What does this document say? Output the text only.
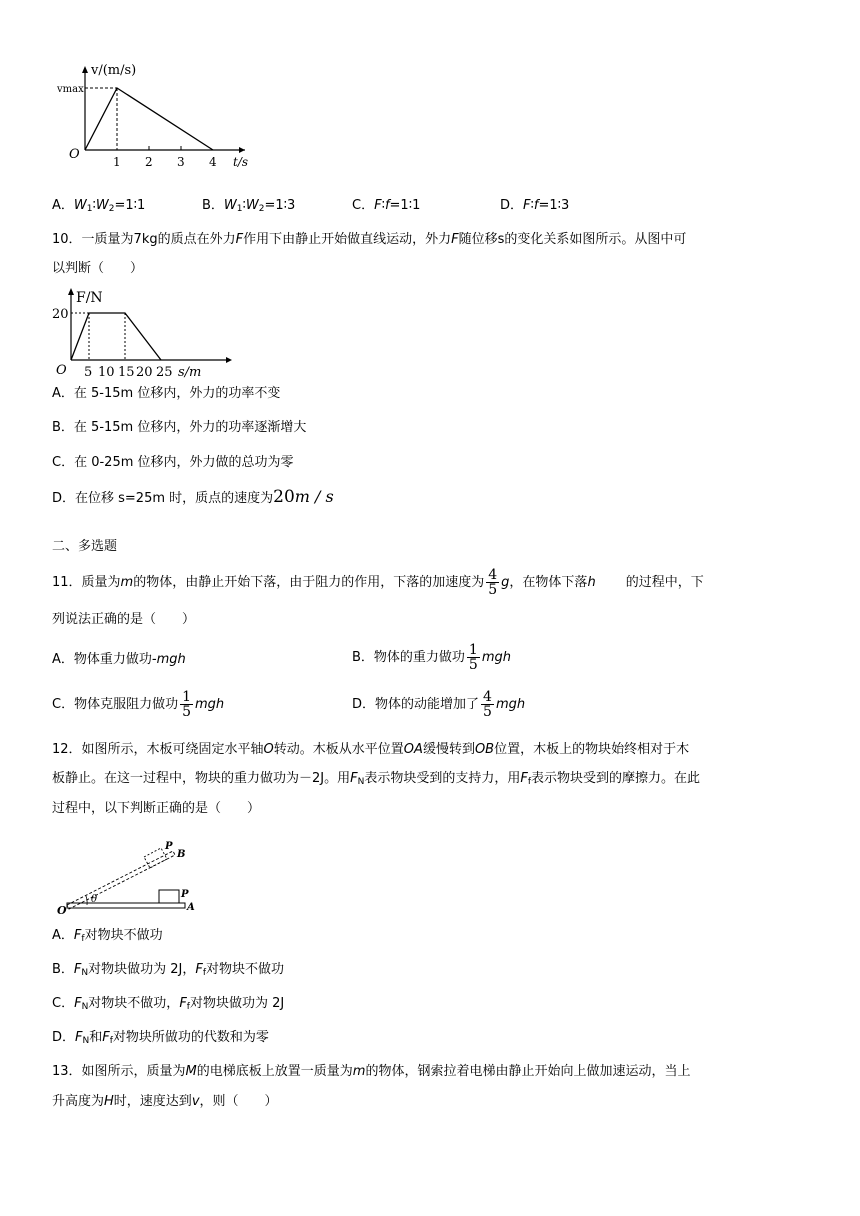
v/(m/s)
vmax
O	1 2 3 4 t/s
A．$W_1∶W_2=1∶1$	B．$W_1∶W_2=1∶3$	C．F∶f=1∶1	D．F∶f=1∶3
10．一质量为7kg的质点在外力F作用下由静止开始做直线运动，外力F随位移s的变化关系如图所示。从图中可
以判断（　　）
F/N
20
O 5 10 15 20 25 s/m
A．在 5-15m 位移内，外力的功率不变
B．在 5-15m 位移内，外力的功率逐渐增大
C．在 0-25m 位移内，外力做的总功为零
D．在位移 s=25m 时，质点的速度为20m / s
二、多选题
11．质量为m的物体，由静止开始下落，由于阻力的作用，下落的加速度为 $\frac{4}{5}$ g，在物体下落h 的过程中，下
列说法正确的是（　　）
A．物体重力做功-mgh	B．物体的重力做功 $\frac{1}{5}$ mgh
C．物体克服阻力做功 $\frac{1}{5}$ mgh	D．物体的动能增加了 $\frac{4}{5}$ mgh
12．如图所示，木板可绕固定水平轴O转动。木板从水平位置OA缓慢转到OB位置，木板上的物块始终相对于木
板静止。在这一过程中，物块的重力做功为－2J。用$F_N$表示物块受到的支持力，用$F_f$表示物块受到的摩擦力。在此
过程中，以下判断正确的是（　　）
O
θ
P
B
P
A
A．$F_f$对物块不做功
B．$F_N$对物块做功为 2J，$F_f$对物块不做功
C．$F_N$对物块不做功，$F_f$对物块做功为 2J
D．$F_N$和$F_f$对物块所做功的代数和为零
13．如图所示，质量为M的电梯底板上放置一质量为m的物体，钢索拉着电梯由静止开始向上做加速运动，当上
升高度为H时，速度达到v，则（　　）
